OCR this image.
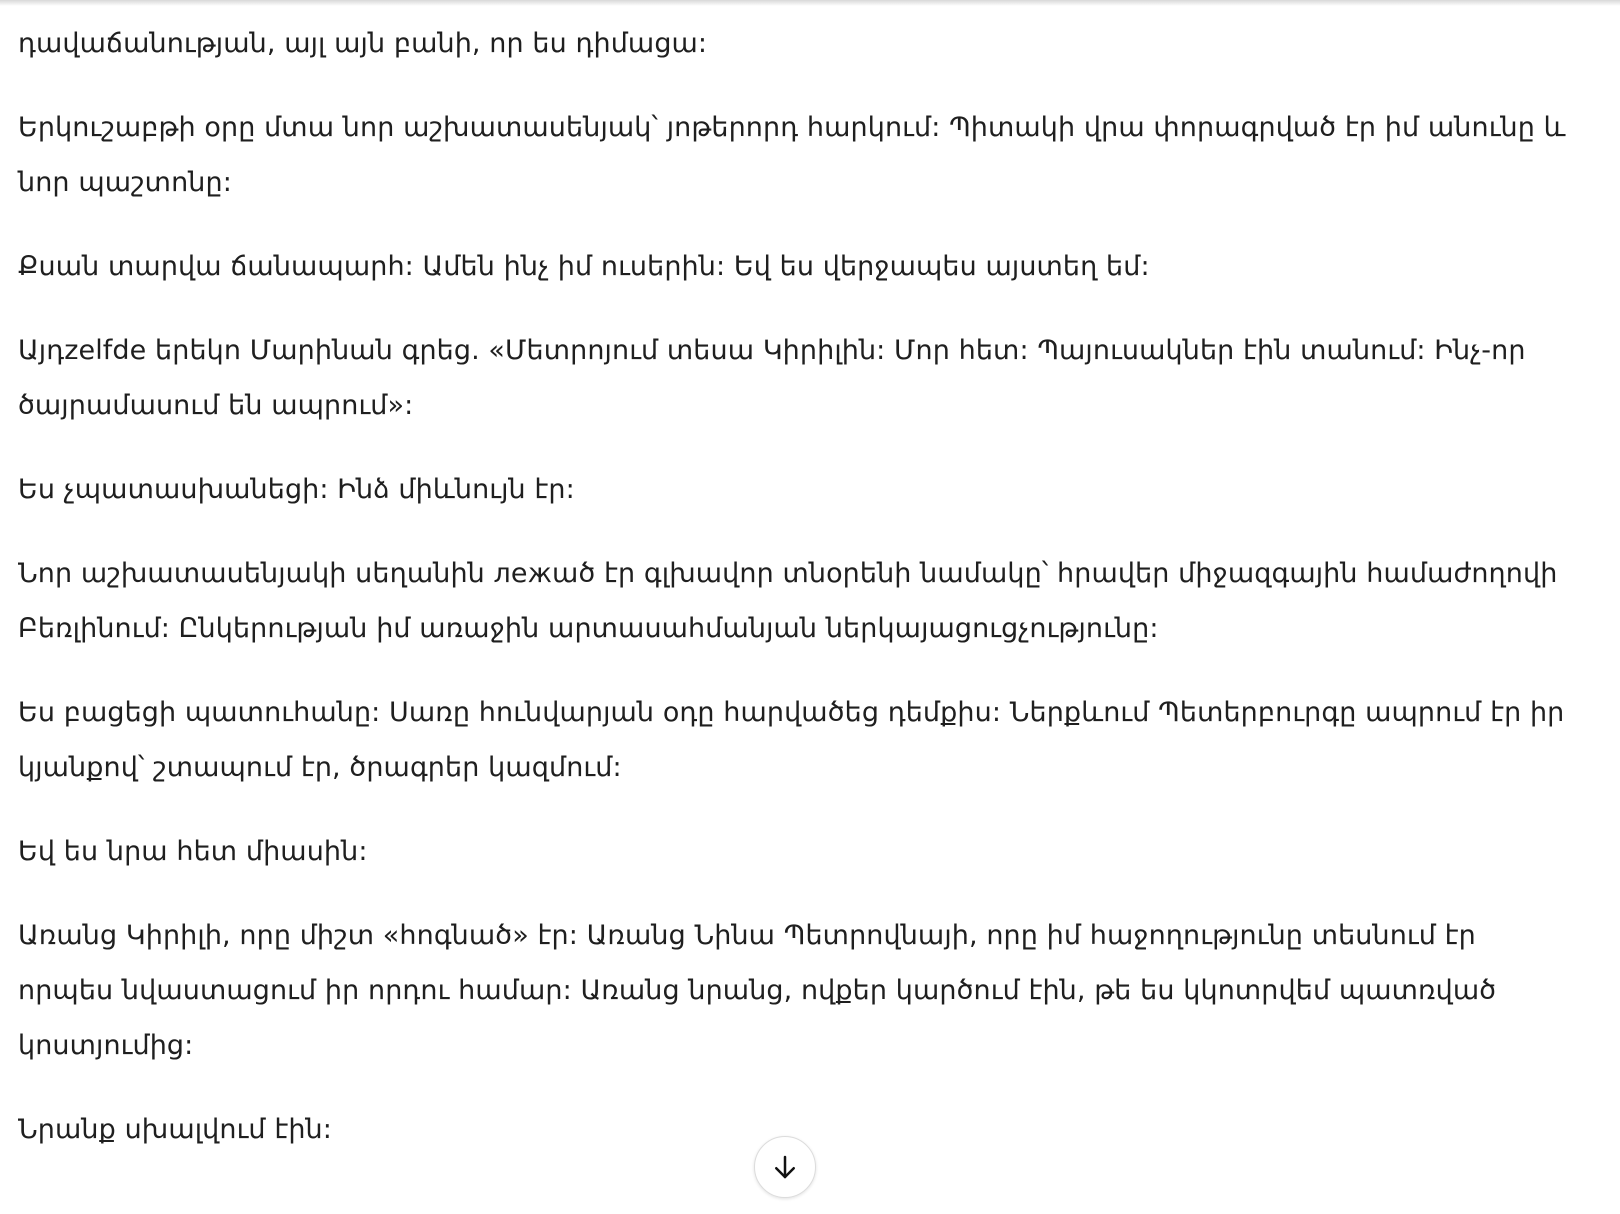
դավաճանության, այլ այն բանի, որ ես դիմացա:

Երկուշաբթի օրը մտա նոր աշխատասենյակ՝ յոթերորդ հարկում: Պիտակի վրա փորագրված էր իմ անունը և նոր պաշտոնը:

Քսան տարվա ճանապարհ: Ամեն ինչ իմ ուսերին: Եվ ես վերջապես այստեղ եմ:

Այդzelfde երեկո Մարինան գրեց. «Մետրոյում տեսա Կիրիլին: Մոր հետ: Պայուսակներ էին տանում: Ինչ-որ ծայրամասում են ապրում»:

Ես չպատասխանեցի: Ինձ միևնույն էր:

Նոր աշխատասենյակի սեղանին лежած էր գլխավոր տնօրենի նամակը՝ հրավեր միջազգային համաժողովի Բեռլինում: Ընկերության իմ առաջին արտասահմանյան ներկայացուցչությունը:

Ես բացեցի պատուհանը: Սառը հունվարյան օդը հարվածեց դեմքիս: Ներքևում Պետերբուրգը ապրում էր իր կյանքով՝ շտապում էր, ծրագրեր կազմում:

Եվ ես նրա հետ միասին:

Առանց Կիրիլի, որը միշտ «հոգնած» էր: Առանց Նինա Պետրովնայի, որը իմ հաջողությունը տեսնում էր որպես նվաստացում իր որդու համար: Առանց նրանց, ովքեր կարծում էին, թե ես կկոտրվեմ պատռված կոստյումից:

Նրանք սխալվում էին:
